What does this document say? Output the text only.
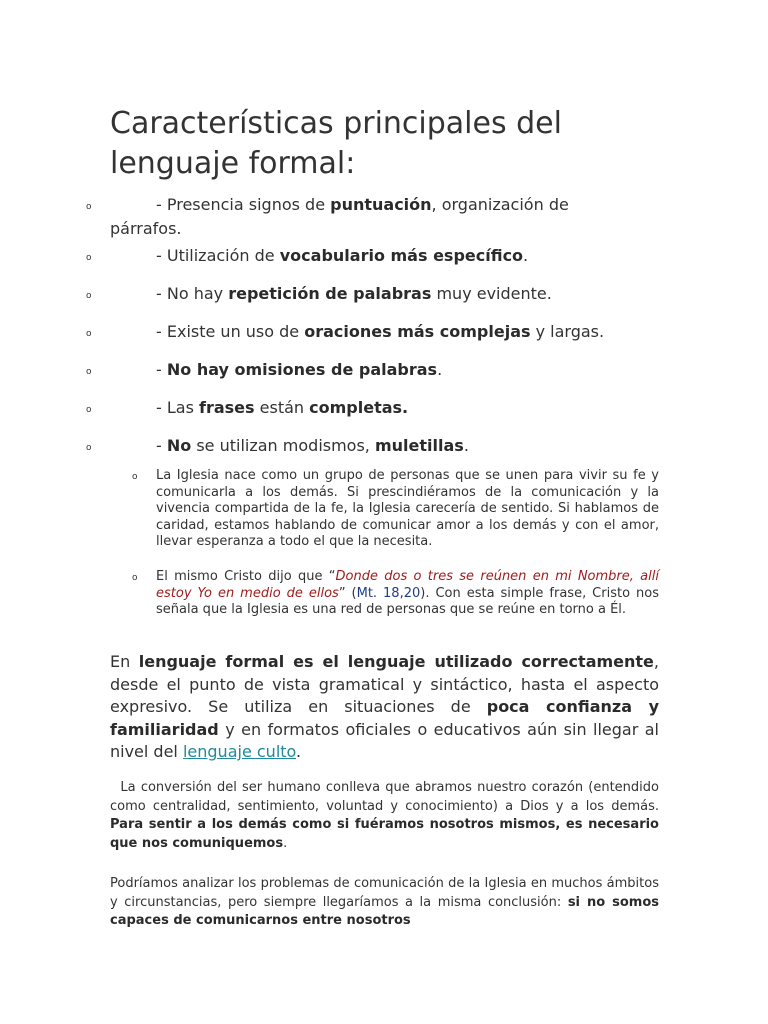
Características principales del lenguaje formal:
o	- Presencia signos de puntuación, organización de párrafos.
o	- Utilización de vocabulario más específico.
o	- No hay repetición de palabras muy evidente.
o	- Existe un uso de oraciones más complejas y largas.
o	- No hay omisiones de palabras.
o	- Las frases están completas.
o	- No se utilizan modismos, muletillas.
o La Iglesia nace como un grupo de personas que se unen para vivir su fe y comunicarla a los demás. Si prescindiéramos de la comunicación y la vivencia compartida de la fe, la Iglesia carecería de sentido. Si hablamos de caridad, estamos hablando de comunicar amor a los demás y con el amor, llevar esperanza a todo el que la necesita.
o El mismo Cristo dijo que “Donde dos o tres se reúnen en mi Nombre, allí estoy Yo en medio de ellos” (Mt. 18,20). Con esta simple frase, Cristo nos señala que la Iglesia es una red de personas que se reúne en torno a Él.
En lenguaje formal es el lenguaje utilizado correctamente, desde el punto de vista gramatical y sintáctico, hasta el aspecto expresivo. Se utiliza en situaciones de poca confianza y familiaridad y en formatos oficiales o educativos aún sin llegar al nivel del lenguaje culto.
La conversión del ser humano conlleva que abramos nuestro corazón (entendido como centralidad, sentimiento, voluntad y conocimiento) a Dios y a los demás. Para sentir a los demás como si fuéramos nosotros mismos, es necesario que nos comuniquemos.
Podríamos analizar los problemas de comunicación de la Iglesia en muchos ámbitos y circunstancias, pero siempre llegaríamos a la misma conclusión: si no somos capaces de comunicarnos entre nosotros
